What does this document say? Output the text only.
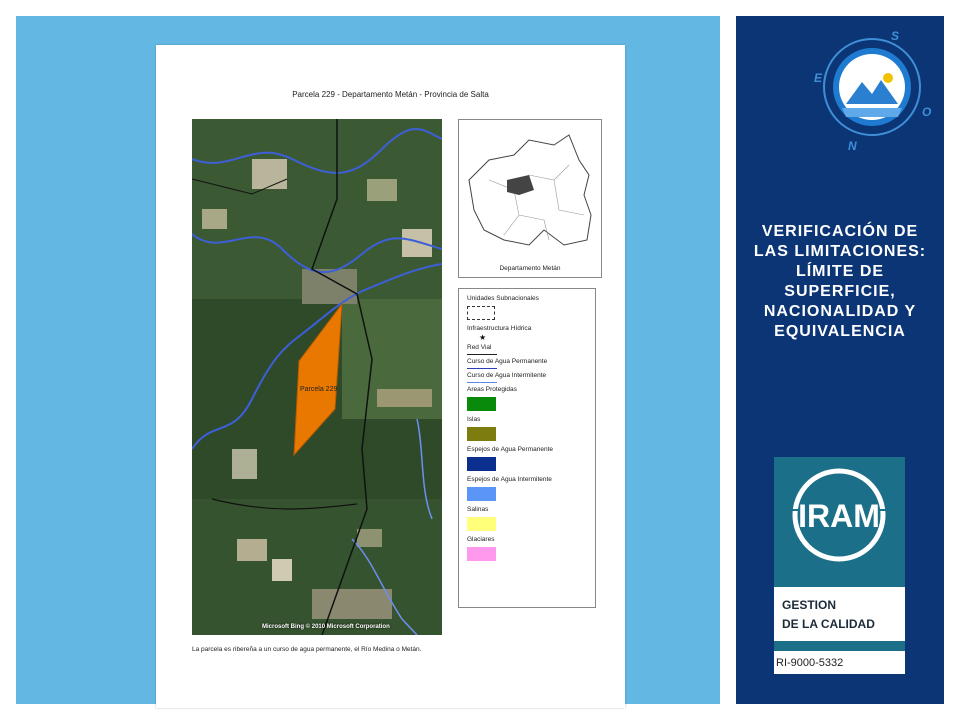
Parcela 229 - Departamento Metán - Provincia de Salta
Parcela 229
Microsoft Bing © 2010 Microsoft Corporation
Departamento Metán
Unidades Subnacionales
Infraestructura Hídrica
★
Red Vial
Curso de Agua Permanente
Curso de Agua Intermitente
Areas Protegidas
Islas
Espejos de Agua Permanente
Espejos de Agua Intermitente
Salinas
Glaciares
La parcela es ribereña a un curso de agua permanente, el Río Medina o Metán.
S
O
N
E
VERIFICACIÓN DE LAS LIMITACIONES: LÍMITE DE SUPERFICIE, NACIONALIDAD Y EQUIVALENCIA
IRAM
GESTION
DE LA CALIDAD
RI-9000-5332
